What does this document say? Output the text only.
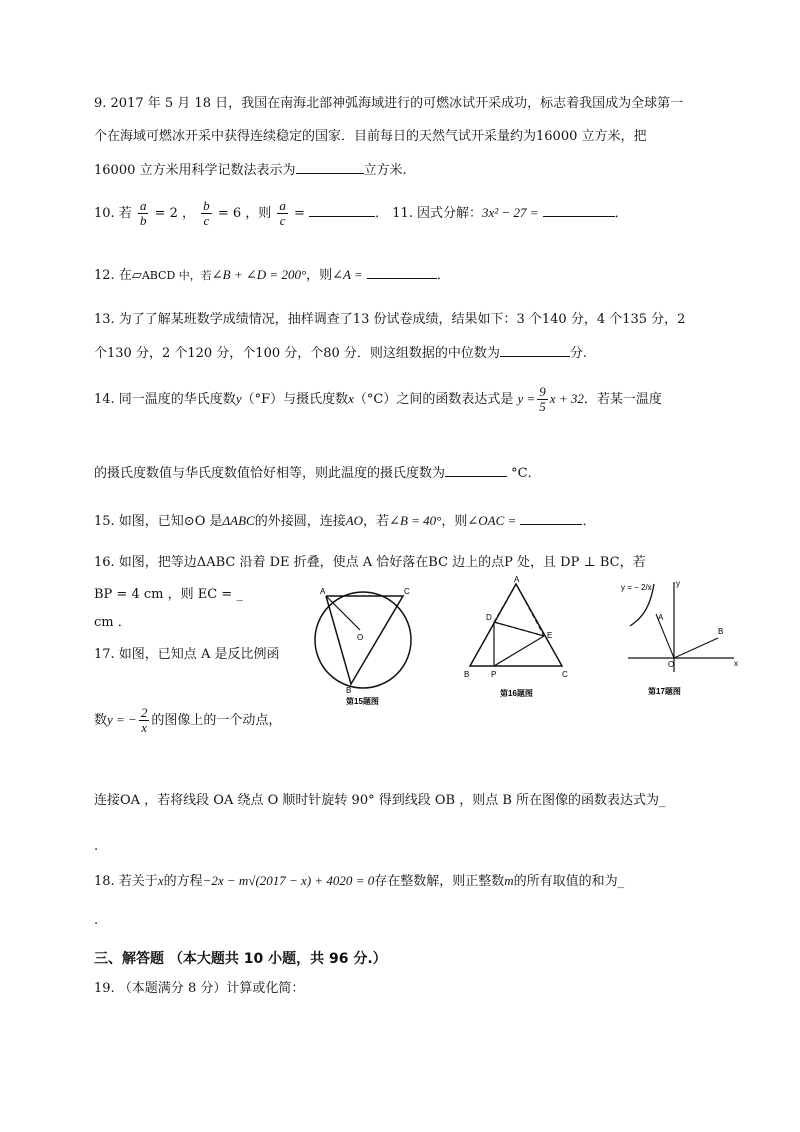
9. 2017 年 5 月 18 日，我国在南海北部神弧海域进行的可燃冰试开采成功，标志着我国成为全球第一
个在海域可燃冰开采中获得连续稳定的国家．目前每日的天然气试开采量约为16000 立方米，把
16000 立方米用科学记数法表示为	立方米.
10. 若 $\frac{a}{b} = 2$ ， $\frac{b}{c} = 6$ ，则 $\frac{a}{c}$ =	． 11. 因式分解：3x² − 27 =	．
12. 在▱ABCD 中，若∠B + ∠D = 200°，则∠A =	．
13. 为了了解某班数学成绩情况，抽样调查了13 份试卷成绩，结果如下：3 个140 分，4 个135 分，2
个130 分，2 个120 分，个100 分，个80 分．则这组数据的中位数为	分.
14. 同一温度的华氏度数y（°F）与摄氏度数x（°C）之间的函数表达式是 $y = \frac{9}{5}$ x + 32．若某一温度
的摄氏度数值与华氏度数值恰好相等，则此温度的摄氏度数为	°C．
15. 如图，已知⊙O 是ΔABC的外接圆，连接AO，若∠B = 40°，则∠OAC =	．
16. 如图，把等边ΔABC 沿着 DE 折叠，使点 A 恰好落在BC 边上的点P 处，且 DP ⊥ BC，若
BP = 4 cm ，则 EC = _
cm ．
17. 如图，已知点 A 是反比例函
数y = − $\frac{2}{x}$ 的图像上的一个动点，
连接OA ，若将线段 OA 绕点 O 顺时针旋转 90° 得到线段 OB ，则点 B 所在图像的函数表达式为_
.
18. 若关于x的方程−2x − m√(2017 − x) + 4020 = 0存在整数解，则正整数m的所有取值的和为_
.
三、解答题 （本大题共 10 小题，共 96 分.）
19. （本题满分 8 分）计算或化简：
A
B
C
O
第15题图
A
D
E
B	P	C
第16题图
y = − 2/x	y
x
A
B
O
第17题图
